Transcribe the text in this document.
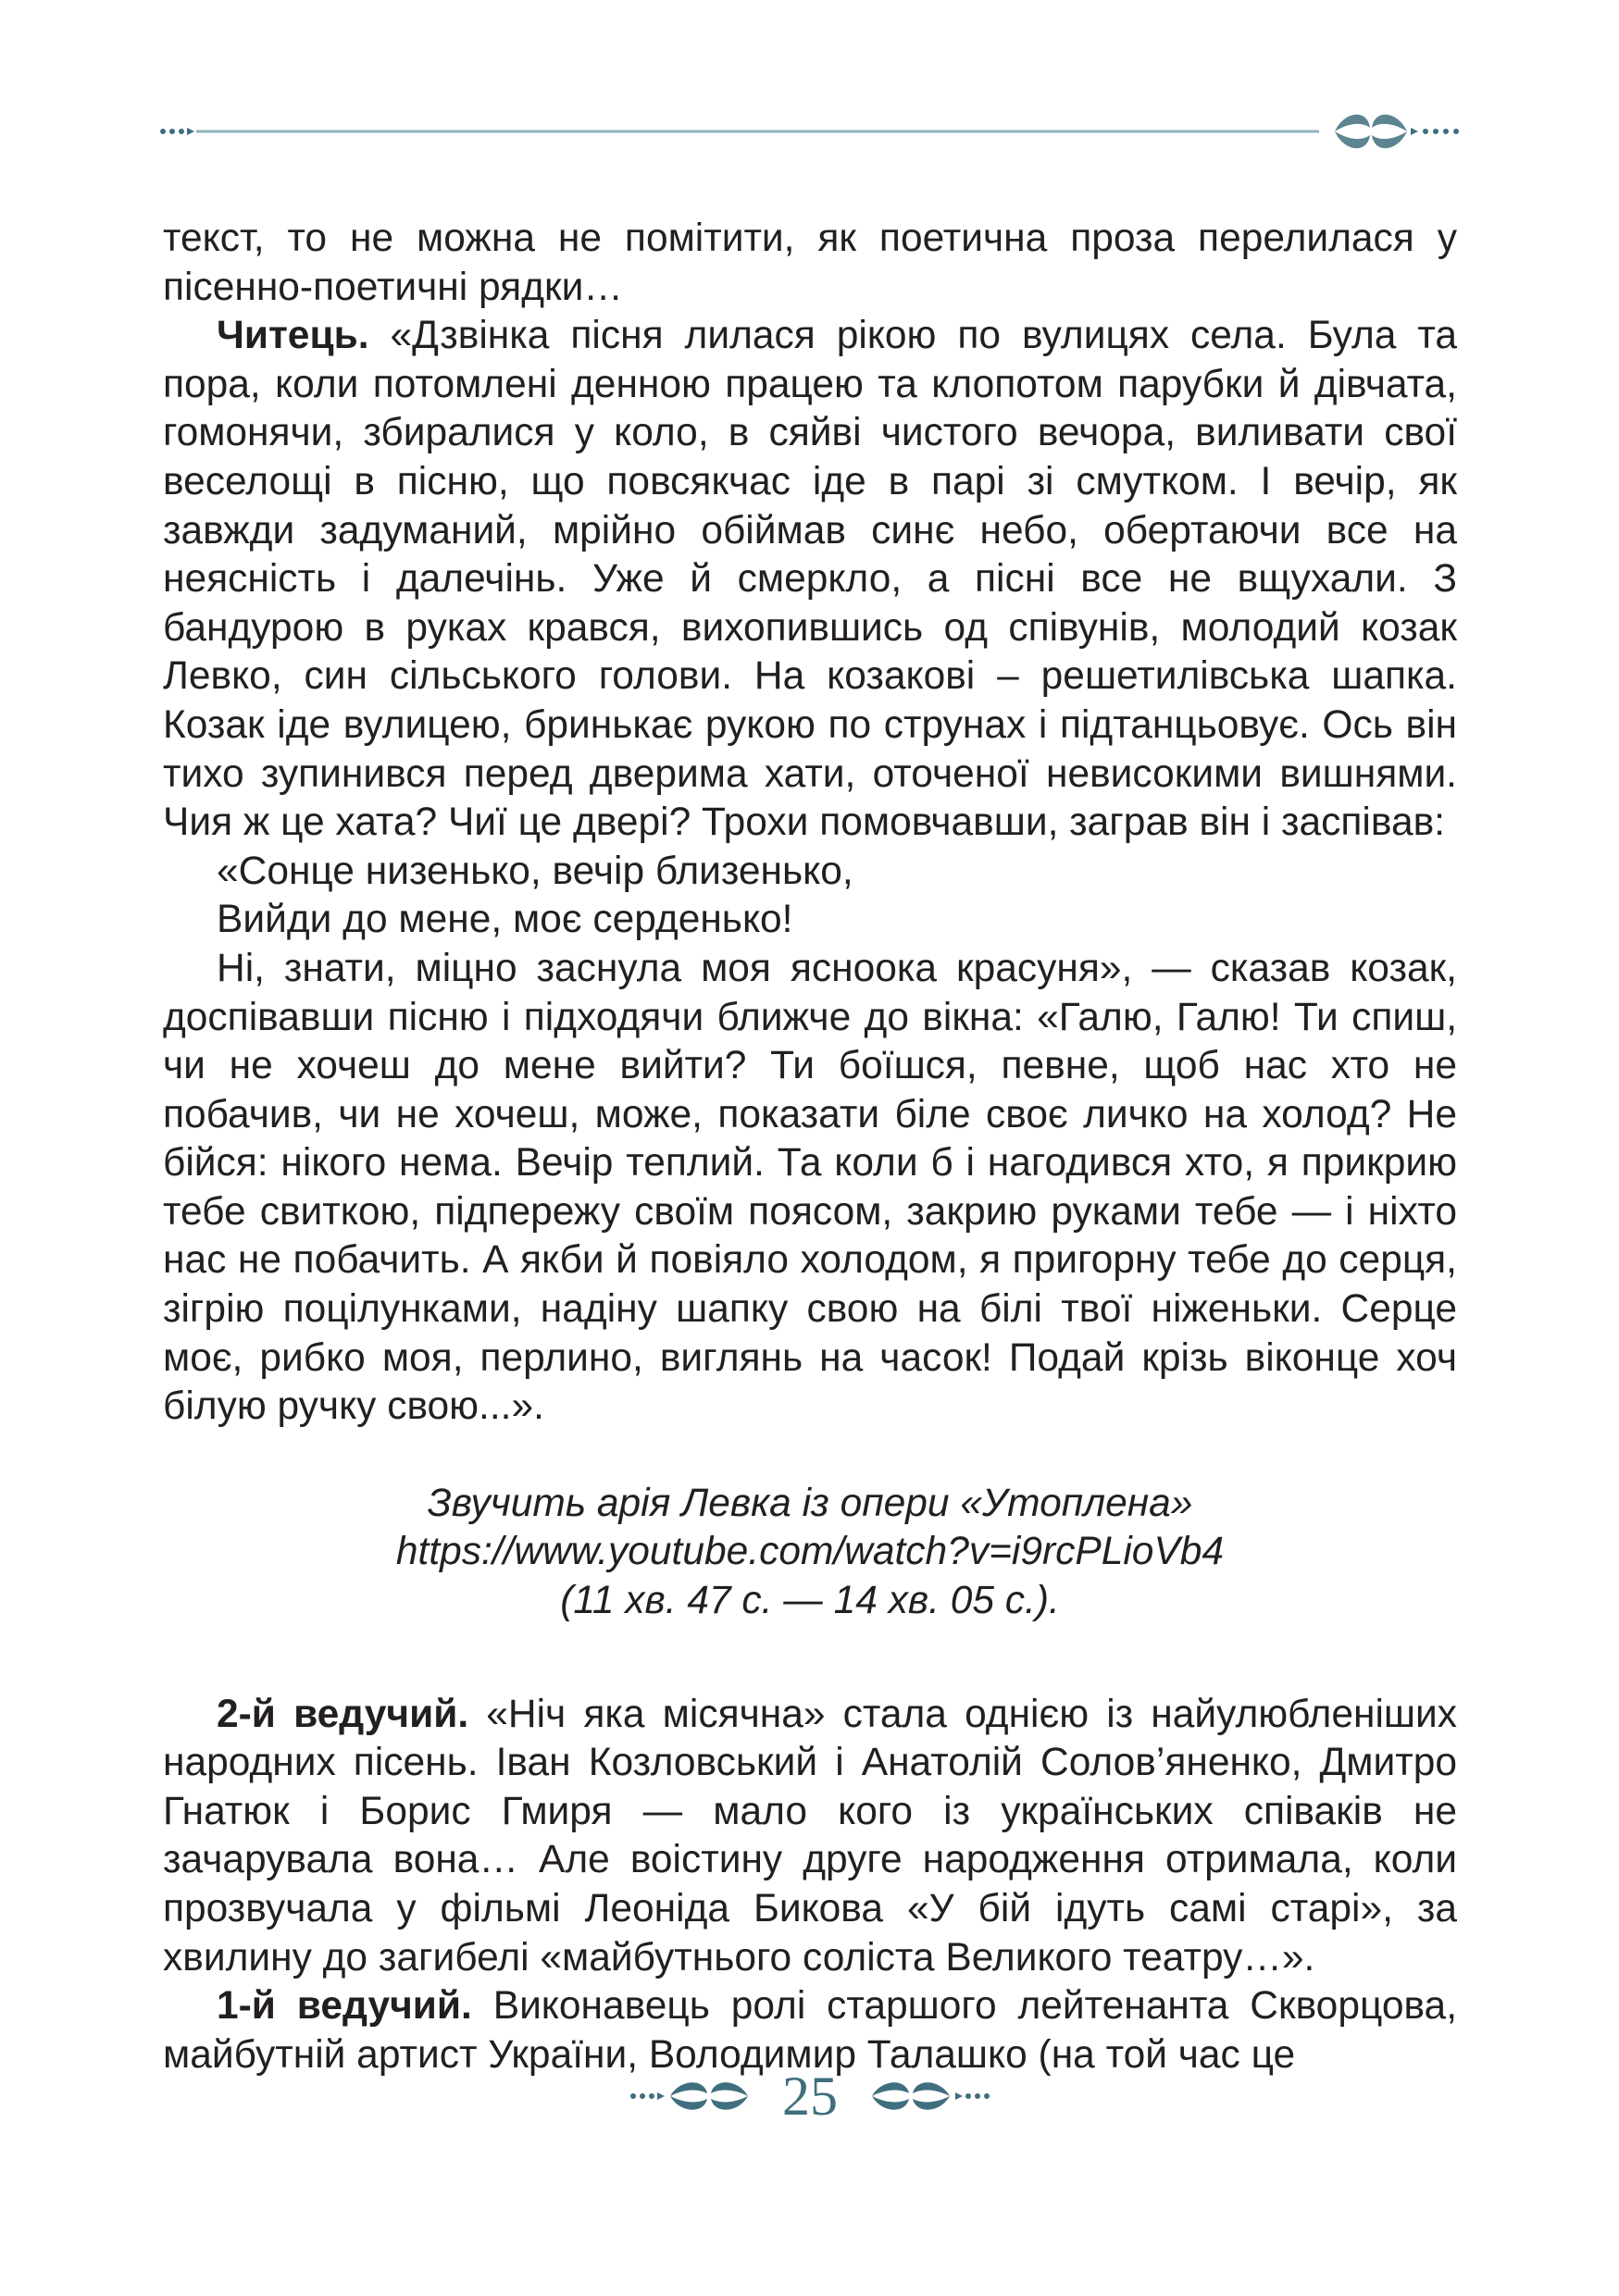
текст, то не можна не помітити, як поетична проза перелилася у пісенно-поетичні рядки…

Читець. «Дзвінка пісня лилася рікою по вулицях села. Була та пора, коли потомлені денною працею та клопотом парубки й дівчата, гомонячи, збиралися у коло, в сяйві чистого вечора, виливати свої веселощі в пісню, що повсякчас іде в парі зі смутком. І вечір, як завжди задуманий, мрійно обіймав синє небо, обертаючи все на неясність і далечінь. Уже й смеркло, а пісні все не вщухали. З бандурою в руках крався, вихопившись од співунів, молодий козак Левко, син сільського голови. На козакові – решетилівська шапка. Козак іде вулицею, бринькає рукою по струнах і підтанцьовує. Ось він тихо зупинився перед дверима хати, оточеної невисокими вишнями. Чия ж це хата? Чиї це двері? Трохи помовчавши, заграв він і заспівав:

«Сонце низенько, вечір близенько,

Вийди до мене, моє серденько!

Ні, знати, міцно заснула моя ясноока красуня», — сказав козак, доспівавши пісню і підходячи ближче до вікна: «Галю, Галю! Ти спиш, чи не хочеш до мене вийти? Ти боїшся, певне, щоб нас хто не побачив, чи не хочеш, може, показати біле своє личко на холод? Не бійся: нікого нема. Вечір теплий. Та коли б і нагодився хто, я прикрию тебе свиткою, підпережу своїм поясом, закрию руками тебе — і ніхто нас не побачить. А якби й повіяло холодом, я пригорну тебе до серця, зігрію поцілунками, надіну шапку свою на білі твої ніженьки. Серце моє, рибко моя, перлино, виглянь на часок! Подай крізь віконце хоч білую ручку свою...».

Звучить арія Левка із опери «Утоплена»
https://www.youtube.com/watch?v=i9rcPLioVb4
(11 хв. 47 с. — 14 хв. 05 с.).

2-й ведучий. «Ніч яка місячна» стала однією із найулюбленіших народних пісень. Іван Козловський і Анатолій Солов’яненко, Дмитро Гнатюк і Борис Гмиря — мало кого із українських співаків не зачарувала вона… Але воістину друге народження отримала, коли прозвучала у фільмі Леоніда Бикова «У бій ідуть самі старі», за хвилину до загибелі «майбутнього соліста Великого театру…».

1-й ведучий. Виконавець ролі старшого лейтенанта Скворцова, майбутній артист України, Володимир Талашко (на той час це

25
